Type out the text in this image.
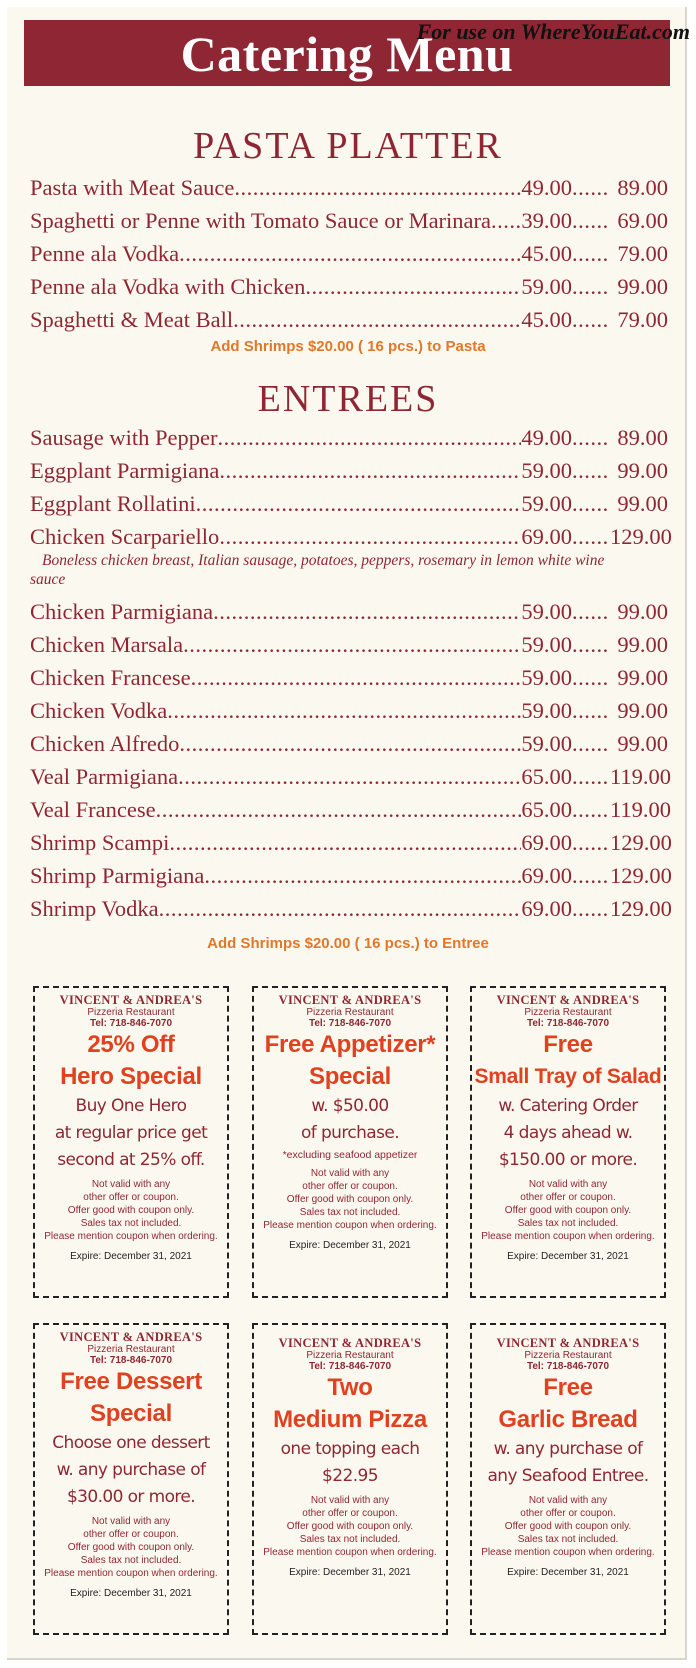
Catering Menu
For use on WhereYouEat.com
PASTA PLATTER
Pasta with Meat Sauce .....	49.00 .....	89.00
Spaghetti or Penne with Tomato Sauce or Marinara ..... 39.00 .....	69.00
Penne ala Vodka .....	45.00 .....	79.00
Penne ala Vodka with Chicken .....	59.00 .....	99.00
Spaghetti & Meat Ball .....	45.00 .....	79.00
Add Shrimps $20.00 ( 16 pcs.) to Pasta
ENTREES
Sausage with Pepper .....	49.00 .....	89.00
Eggplant Parmigiana .....	59.00 .....	99.00
Eggplant Rollatini .....	59.00 .....	99.00
Chicken Scarpariello .....	69.00 ..... 129.00
Boneless chicken breast, Italian sausage, potatoes, peppers, rosemary in lemon white wine
sauce
Chicken Parmigiana .....	59.00 .....	99.00
Chicken Marsala .....	59.00 .....	99.00
Chicken Francese .....	59.00 .....	99.00
Chicken Vodka .....	59.00 .....	99.00
Chicken Alfredo .....	59.00 .....	99.00
Veal Parmigiana .....	65.00 ..... 119.00
Veal Francese .....	65.00 ..... 119.00
Shrimp Scampi .....	69.00 ..... 129.00
Shrimp Parmigiana .....	69.00 ..... 129.00
Shrimp Vodka .....	69.00 ..... 129.00
Add Shrimps $20.00 ( 16 pcs.) to Entree
VINCENT & ANDREA'S
Pizzeria Restaurant
Tel: 718-846-7070
25% Off
Hero Special
Buy One Hero
at regular price get
second at 25% off.
Not valid with any
other offer or coupon.
Offer good with coupon only.
Sales tax not included.
Please mention coupon when ordering.
Expire: December 31, 2021
VINCENT & ANDREA'S
Pizzeria Restaurant
Tel: 718-846-7070
Free Appetizer*
Special
w. $50.00
of purchase.
*excluding seafood appetizer
Not valid with any
other offer or coupon.
Offer good with coupon only.
Sales tax not included.
Please mention coupon when ordering.
Expire: December 31, 2021
VINCENT & ANDREA'S
Pizzeria Restaurant
Tel: 718-846-7070
Free
Small Tray of Salad
w. Catering Order
4 days ahead w.
$150.00 or more.
Not valid with any
other offer or coupon.
Offer good with coupon only.
Sales tax not included.
Please mention coupon when ordering.
Expire: December 31, 2021
VINCENT & ANDREA'S
Pizzeria Restaurant
Tel: 718-846-7070
Free Dessert
Special
Choose one dessert
w. any purchase of
$30.00 or more.
Not valid with any
other offer or coupon.
Offer good with coupon only.
Sales tax not included.
Please mention coupon when ordering.
Expire: December 31, 2021
VINCENT & ANDREA'S
Pizzeria Restaurant
Tel: 718-846-7070
Two
Medium Pizza
one topping each
$22.95
Not valid with any
other offer or coupon.
Offer good with coupon only.
Sales tax not included.
Please mention coupon when ordering.
Expire: December 31, 2021
VINCENT & ANDREA'S
Pizzeria Restaurant
Tel: 718-846-7070
Free
Garlic Bread
w. any purchase of
any Seafood Entree.
Not valid with any
other offer or coupon.
Offer good with coupon only.
Sales tax not included.
Please mention coupon when ordering.
Expire: December 31, 2021
